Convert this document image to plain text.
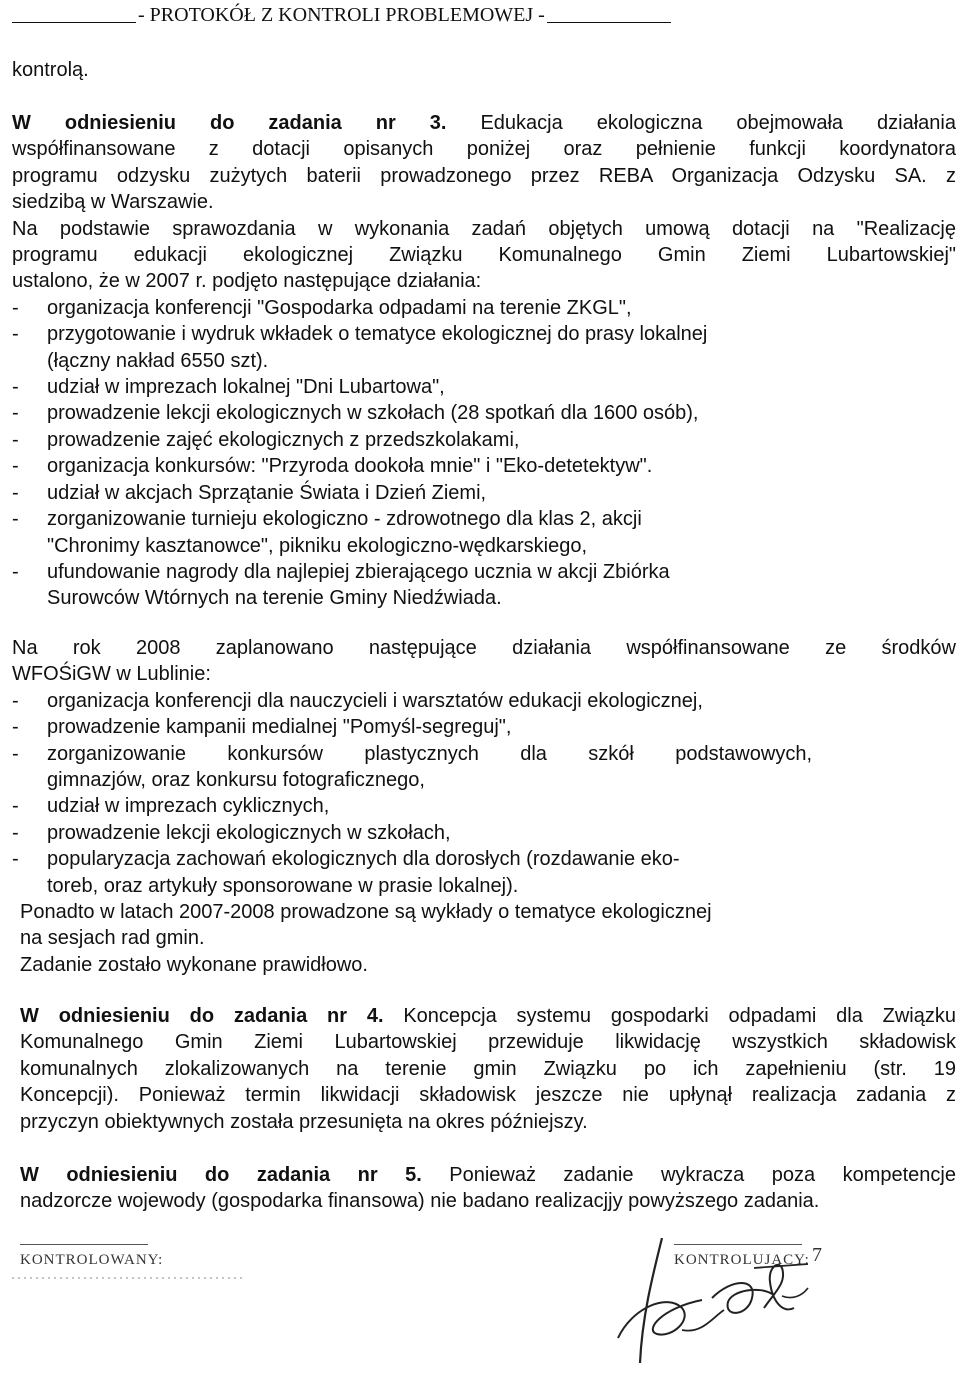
- PROTOKÓŁ Z KONTROLI PROBLEMOWEJ -
kontrolą.
W odniesieniu do zadania nr 3. Edukacja ekologiczna obejmowała działania
współfinansowane z dotacji opisanych poniżej oraz pełnienie funkcji koordynatora
programu odzysku zużytych baterii prowadzonego przez REBA Organizacja Odzysku SA. z
siedzibą w Warszawie.
Na podstawie sprawozdania w wykonania zadań objętych umową dotacji na "Realizację
programu edukacji ekologicznej Związku Komunalnego Gmin Ziemi Lubartowskiej"
ustalono, że w 2007 r. podjęto następujące działania:
- organizacja konferencji "Gospodarka odpadami na terenie ZKGL",
- przygotowanie i wydruk wkładek o tematyce ekologicznej do prasy lokalnej
(łączny nakład 6550 szt).
- udział w imprezach lokalnej "Dni Lubartowa",
- prowadzenie lekcji ekologicznych w szkołach (28 spotkań dla 1600 osób),
- prowadzenie zajęć ekologicznych z przedszkolakami,
- organizacja konkursów: "Przyroda dookoła mnie" i "Eko-detetektyw".
- udział w akcjach Sprzątanie Świata i Dzień Ziemi,
- zorganizowanie turnieju ekologiczno - zdrowotnego dla klas 2, akcji
"Chronimy kasztanowce", pikniku ekologiczno-wędkarskiego,
- ufundowanie nagrody dla najlepiej zbierającego ucznia w akcji Zbiórka
Surowców Wtórnych na terenie Gminy Niedźwiada.
Na rok 2008 zaplanowano następujące działania współfinansowane ze środków
WFOŚiGW w Lublinie:
- organizacja konferencji dla nauczycieli i warsztatów edukacji ekologicznej,
- prowadzenie kampanii medialnej "Pomyśl-segreguj",
- zorganizowanie konkursów plastycznych dla szkół podstawowych,
gimnazjów, oraz konkursu fotograficznego,
- udział w imprezach cyklicznych,
- prowadzenie lekcji ekologicznych w szkołach,
- popularyzacja zachowań ekologicznych dla dorosłych (rozdawanie eko-
toreb, oraz artykuły sponsorowane w prasie lokalnej).
Ponadto w latach 2007-2008 prowadzone są wykłady o tematyce ekologicznej
na sesjach rad gmin.
Zadanie zostało wykonane prawidłowo.
W odniesieniu do zadania nr 4. Koncepcja systemu gospodarki odpadami dla Związku
Komunalnego Gmin Ziemi Lubartowskiej przewiduje likwidację wszystkich składowisk
komunalnych zlokalizowanych na terenie gmin Związku po ich zapełnieniu (str. 19
Koncepcji). Ponieważ termin likwidacji składowisk jeszcze nie upłynął realizacja zadania z
przyczyn obiektywnych została przesunięta na okres późniejszy.
W odniesieniu do zadania nr 5. Ponieważ zadanie wykracza poza kompetencje
nadzorcze wojewody (gospodarka finansowa) nie badano realizacjjy powyższego zadania.
KONTROLOWANY:	KONTROLUJĄCY: 7
